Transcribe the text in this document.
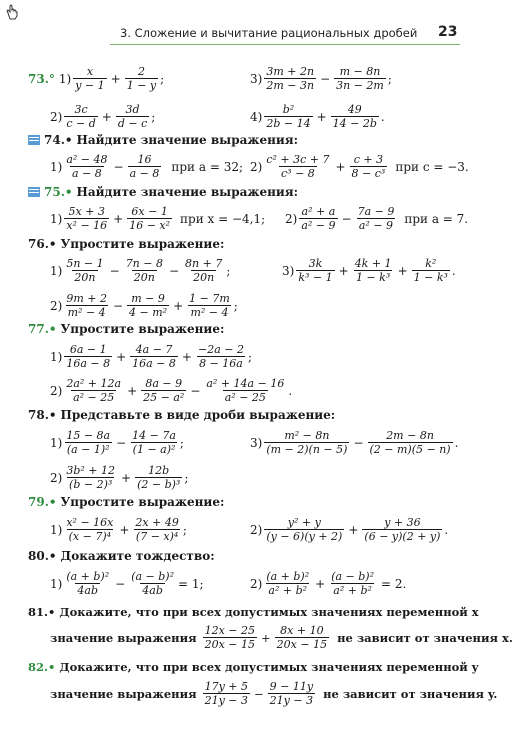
3. Сложение и вычитание рациональных дробей 23
73.° $1) \frac{x}{y - 1} + \frac{2}{1 - y}$ ;	$3) \frac{3m + 2n}{2m - 3n} - \frac{m - 8n}{3n - 2m}$ ;
$2) \frac{3c}{c - d} + \frac{3d}{d - c}$ ;	$4) \frac{\text{b²}}{2b - 14} + \frac{49}{14 - 2b}$ .
74.• Найдите значение выражения:
$1) \frac{\text{a² − 48}}{a - 8} - \frac{16}{a - 8}$ при a = 32; $2) \frac{\text{c² + 3c + 7}}{\text{c³ − 8}} + \frac{c + 3}{\text{8 − c³}}$ при c = −3.
75.• Найдите значение выражения:
$1) \frac{5x + 3}{\text{x² − 16}} + \frac{6x - 1}{\text{16 − x²}}$ при x = −4,1; $2) \frac{\text{a² + a}}{\text{a² − 9}} - \frac{7a - 9}{\text{a² − 9}}$ при a = 7.
76.• Упростите выражение:
$1) \frac{5n - 1}{20n} - \frac{7n - 8}{20n} - \frac{8n + 7}{20n}$ ;	$3) \frac{3k}{\text{k³ − 1}} + \frac{4k + 1}{\text{1 − k³}} + \frac{\text{k²}}{\text{1 − k³}}$ .
$2) \frac{9m + 2}{\text{m² − 4}} - \frac{m - 9}{\text{4 − m²}} + \frac{1 - 7m}{\text{m² − 4}}$ ;
77.• Упростите выражение:
$1) \frac{6a - 1}{16a - 8} + \frac{4a - 7}{16a - 8} + \frac{-2a - 2}{8 - 16a}$ ;
$2) \frac{\text{2a² + 12a}}{\text{a² − 25}} + \frac{8a - 9}{\text{25 − a²}} - \frac{\text{a² + 14a − 16}}{\text{a² − 25}}$ .
78.• Представьте в виде дроби выражение:
$1) \frac{15 - 8a}{\text{(a − 1)²}} - \frac{14 - 7a}{\text{(1 − a)²}}$ ;	$3) \frac{\text{m² − 8n}}{(m - 2)(n - 5)} - \frac{2m - 8n}{(2 - m)(5 - n)}$ .
$2) \frac{\text{3b² + 12}}{\text{(b − 2)³}} + \frac{12b}{\text{(2 − b)³}}$ ;
79.• Упростите выражение:
$1) \frac{\text{x² − 16x}}{\text{(x − 7)⁴}} + \frac{2x + 49}{\text{(7 − x)⁴}}$ ;	$2) \frac{\text{y² + y}}{(y - 6)(y + 2)} + \frac{y + 36}{(6 - y)(2 + y)}$ .
80.• Докажите тождество:
$1) \frac{\text{(a + b)²}}{4ab} - \frac{\text{(a − b)²}}{4ab} = 1$;	$2) \frac{\text{(a + b)²}}{\text{a² + b²}} + \frac{\text{(a − b)²}}{\text{a² + b²}} = 2$.
81.• Докажите, что при всех допустимых значениях переменной x
значение выражения $\frac{12x - 25}{20x - 15} + \frac{8x + 10}{20x - 15}$ не зависит от значения x.
82.• Докажите, что при всех допустимых значениях переменной y
значение выражения $\frac{17y + 5}{21y - 3} - \frac{9 - 11y}{21y - 3}$ не зависит от значения y.
